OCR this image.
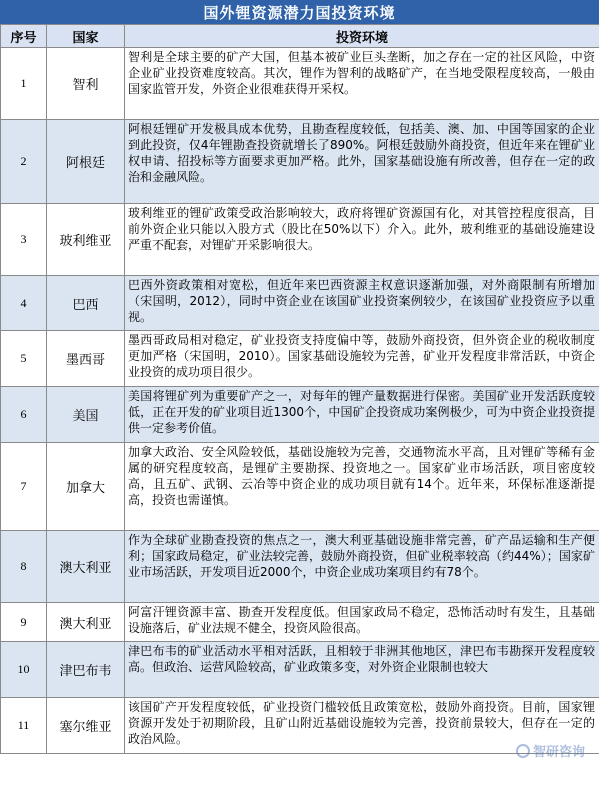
国外锂资源潜力国投资环境
序号	国家	投资环境
1	智利	智利是全球主要的矿产大国，但基本被矿业巨头垄断，加之存在一定的社区风险，中资企业矿业投资难度较高。其次，锂作为智利的战略矿产，在当地受限程度较高，一般由国家监管开发，外资企业很难获得开采权。
2	阿根廷	阿根廷锂矿开发极具成本优势，且勘查程度较低，包括美、澳、加、中国等国家的企业到此投资，仅4年锂勘查投资就增长了890%。阿根廷鼓励外商投资，但近年来在锂矿业权申请、招投标等方面要求更加严格。此外，国家基础设施有所改善，但存在一定的政治和金融风险。
3	玻利维亚	玻利维亚的锂矿政策受政治影响较大，政府将锂矿资源国有化，对其管控程度很高，目前外资企业只能以入股方式（股比在50%以下）介入。此外，玻利维亚的基础设施建设严重不配套，对锂矿开采影响很大。
4	巴西	巴西外资政策相对宽松，但近年来巴西资源主权意识逐渐加强，对外商限制有所增加（宋国明，2012），同时中资企业在该国矿业投资案例较少，在该国矿业投资应予以重视。
5	墨西哥	墨西哥政局相对稳定，矿业投资支持度偏中等，鼓励外商投资，但外资企业的税收制度更加严格（宋国明，2010）。国家基础设施较为完善，矿业开发程度非常活跃，中资企业投资的成功项目很少。
6	美国	美国将锂矿列为重要矿产之一，对每年的锂产量数据进行保密。美国矿业开发活跃度较低，正在开发的矿业项目近1300个，中国矿企投资成功案例极少，可为中资企业投资提供一定参考价值。
7	加拿大	加拿大政治、安全风险较低，基础设施较为完善，交通物流水平高，且对锂矿等稀有金属的研究程度较高，是锂矿主要勘探、投资地之一。国家矿业市场活跃，项目密度较高，且五矿、武钢、云冶等中资企业的成功项目就有14个。近年来，环保标准逐渐提高，投资也需谨慎。
8	澳大利亚	作为全球矿业勘查投资的焦点之一，澳大利亚基础设施非常完善，矿产品运输和生产便利；国家政局稳定，矿业法较完善，鼓励外商投资，但矿业税率较高（约44%）；国家矿业市场活跃，开发项目近2000个，中资企业成功案项目约有78个。
9	澳大利亚	阿富汗锂资源丰富、勘查开发程度低。但国家政局不稳定，恐怖活动时有发生，且基础设施落后，矿业法规不健全，投资风险很高。
10	津巴布韦	津巴布韦的矿业活动水平相对活跃，且相较于非洲其他地区，津巴布韦勘探开发程度较高。但政治、运营风险较高，矿业政策多变，对外资企业限制也较大
11	塞尔维亚	该国矿产开发程度较低，矿业投资门槛较低且政策宽松，鼓励外商投资。目前，国家锂资源开发处于初期阶段，且矿山附近基础设施较为完善，投资前景较大，但存在一定的政治风险。
智研咨询
